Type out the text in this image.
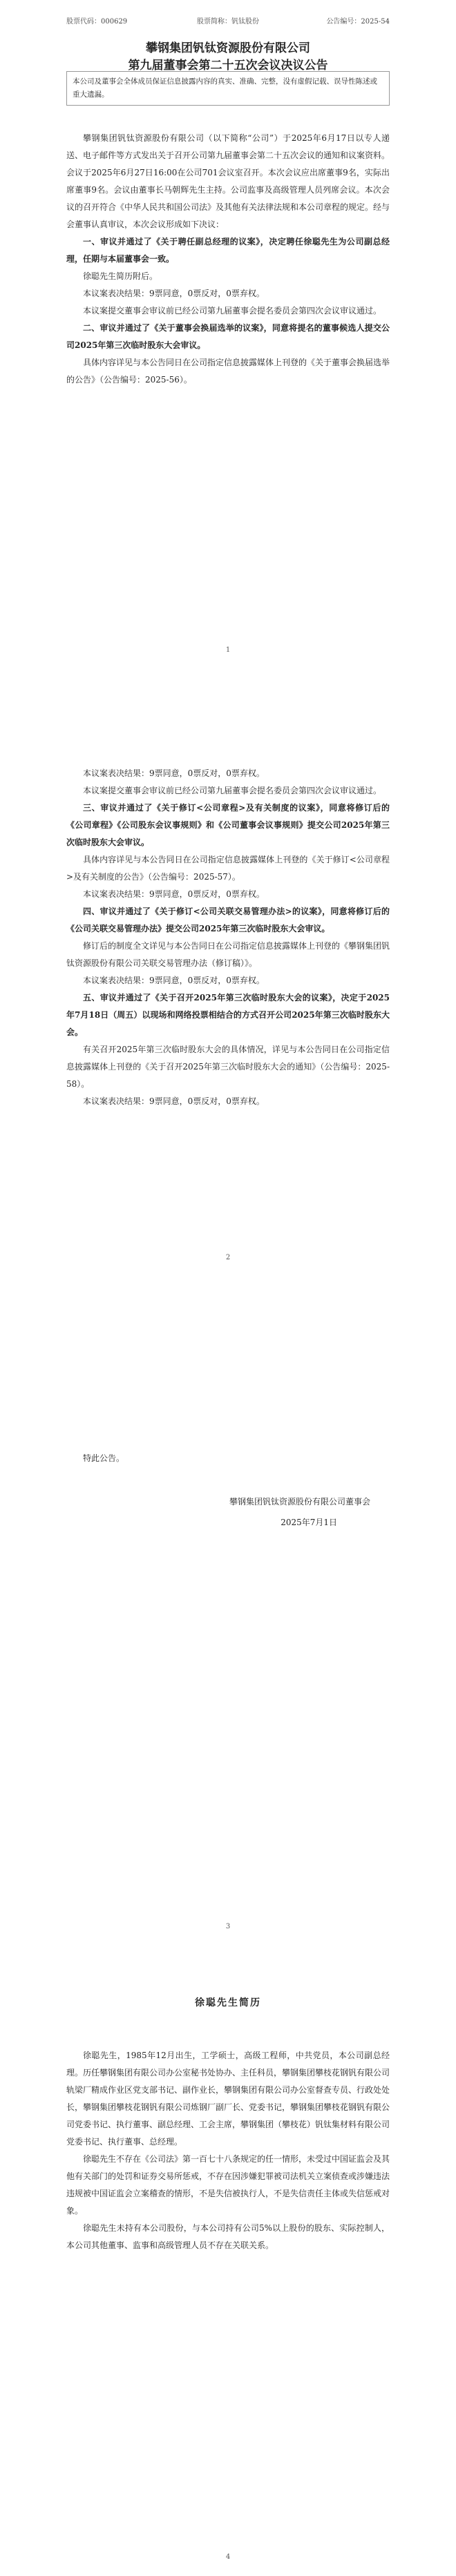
股票代码：000629	股票简称：钒钛股份	公告编号：2025-54
攀钢集团钒钛资源股份有限公司
第九届董事会第二十五次会议决议公告
本公司及董事会全体成员保证信息披露内容的真实、准确、完整，没有虚假记载、误导性陈述或重大遗漏。

攀钢集团钒钛资源股份有限公司（以下简称“公司”）于2025年6月17日以专人递送、电子邮件等方式发出关于召开公司第九届董事会第二十五次会议的通知和议案资料。会议于2025年6月27日16:00在公司701会议室召开。本次会议应出席董事9名，实际出席董事9名。会议由董事长马朝辉先生主持。公司监事及高级管理人员列席会议。本次会议的召开符合《中华人民共和国公司法》及其他有关法律法规和本公司章程的规定。经与会董事认真审议，本次会议形成如下决议：

一、审议并通过了《关于聘任副总经理的议案》，决定聘任徐聪先生为公司副总经理，任期与本届董事会一致。

徐聪先生简历附后。

本议案表决结果：9票同意，0票反对，0票弃权。

本议案提交董事会审议前已经公司第九届董事会提名委员会第四次会议审议通过。

二、审议并通过了《关于董事会换届选举的议案》，同意将提名的董事候选人提交公司2025年第三次临时股东大会审议。

具体内容详见与本公告同日在公司指定信息披露媒体上刊登的《关于董事会换届选举的公告》（公告编号：2025-56）。

1

本议案表决结果：9票同意，0票反对，0票弃权。

本议案提交董事会审议前已经公司第九届董事会提名委员会第四次会议审议通过。

三、审议并通过了《关于修订<公司章程>及有关制度的议案》，同意将修订后的《公司章程》《公司股东会议事规则》和《公司董事会议事规则》提交公司2025年第三次临时股东大会审议。

具体内容详见与本公告同日在公司指定信息披露媒体上刊登的《关于修订<公司章程>及有关制度的公告》（公告编号：2025-57）。

本议案表决结果：9票同意，0票反对，0票弃权。

四、审议并通过了《关于修订<公司关联交易管理办法>的议案》，同意将修订后的《公司关联交易管理办法》提交公司2025年第三次临时股东大会审议。

修订后的制度全文详见与本公告同日在公司指定信息披露媒体上刊登的《攀钢集团钒钛资源股份有限公司关联交易管理办法（修订稿）》。

本议案表决结果：9票同意，0票反对，0票弃权。

五、审议并通过了《关于召开2025年第三次临时股东大会的议案》，决定于2025年7月18日（周五）以现场和网络投票相结合的方式召开公司2025年第三次临时股东大会。

有关召开2025年第三次临时股东大会的具体情况，详见与本公告同日在公司指定信息披露媒体上刊登的《关于召开2025年第三次临时股东大会的通知》（公告编号：2025-58）。

本议案表决结果：9票同意，0票反对，0票弃权。

2

特此公告。

攀钢集团钒钛资源股份有限公司董事会
2025年7月1日
3
徐聪先生简历

徐聪先生，1985年12月出生，工学硕士，高级工程师，中共党员，本公司副总经理。历任攀钢集团有限公司办公室秘书处协办、主任科员，攀钢集团攀枝花钢钒有限公司轨梁厂精成作业区党支部书记、副作业长，攀钢集团有限公司办公室督查专员、行政处处长，攀钢集团攀枝花钢钒有限公司炼钢厂副厂长、党委书记，攀钢集团攀枝花钢钒有限公司党委书记、执行董事、副总经理、工会主席，攀钢集团（攀枝花）钒钛集材料有限公司党委书记、执行董事、总经理。

徐聪先生不存在《公司法》第一百七十八条规定的任一情形，未受过中国证监会及其他有关部门的处罚和证券交易所惩戒，不存在因涉嫌犯罪被司法机关立案侦查或涉嫌违法违规被中国证监会立案稽查的情形，不是失信被执行人，不是失信责任主体或失信惩戒对象。

徐聪先生未持有本公司股份，与本公司持有公司5%以上股份的股东、实际控制人，本公司其他董事、监事和高级管理人员不存在关联关系。

4
